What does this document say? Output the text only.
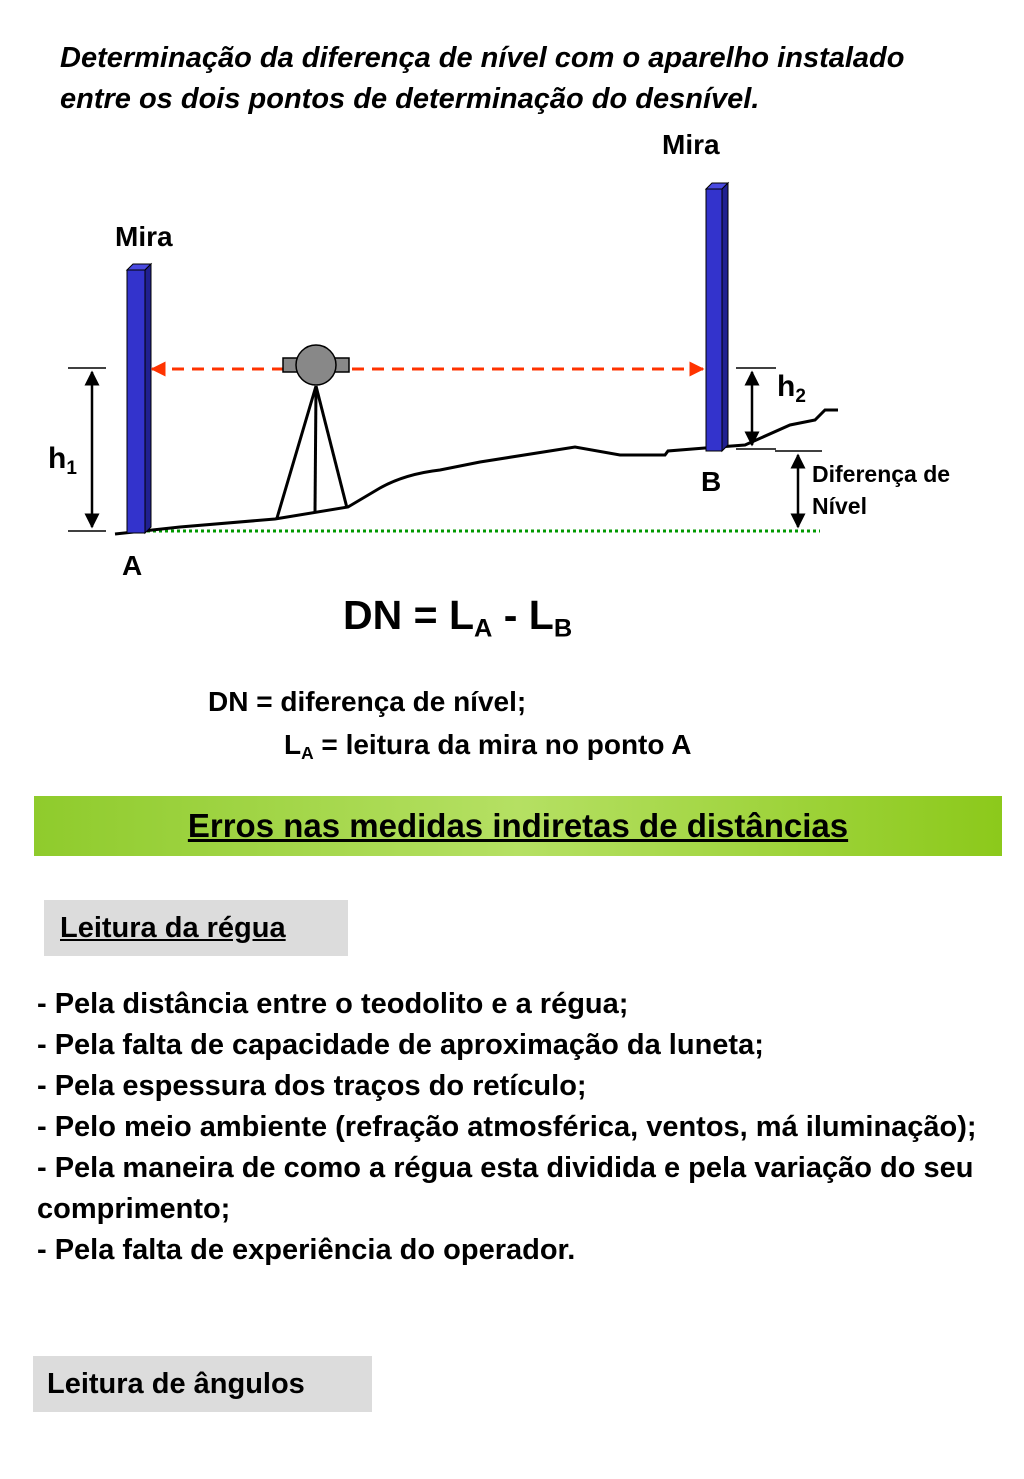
Determinação da diferença de nível com o aparelho instalado entre os dois pontos de determinação do desnível.

Mira
Mira
$h_1$
$h_2$
A
B	Diferença de
Nível
DN = $L_A - L_B$
DN = diferença de nível;
$L_A$ = leitura da mira no ponto A
Erros nas medidas indiretas de distâncias
Leitura da régua
- Pela distância entre o teodolito e a régua;
- Pela falta de capacidade de aproximação da luneta;
- Pela espessura dos traços do retículo;
- Pelo meio ambiente (refração atmosférica, ventos, má iluminação);
- Pela maneira de como a régua esta dividida e pela variação do seu comprimento;
- Pela falta de experiência do operador.
Leitura de ângulos
